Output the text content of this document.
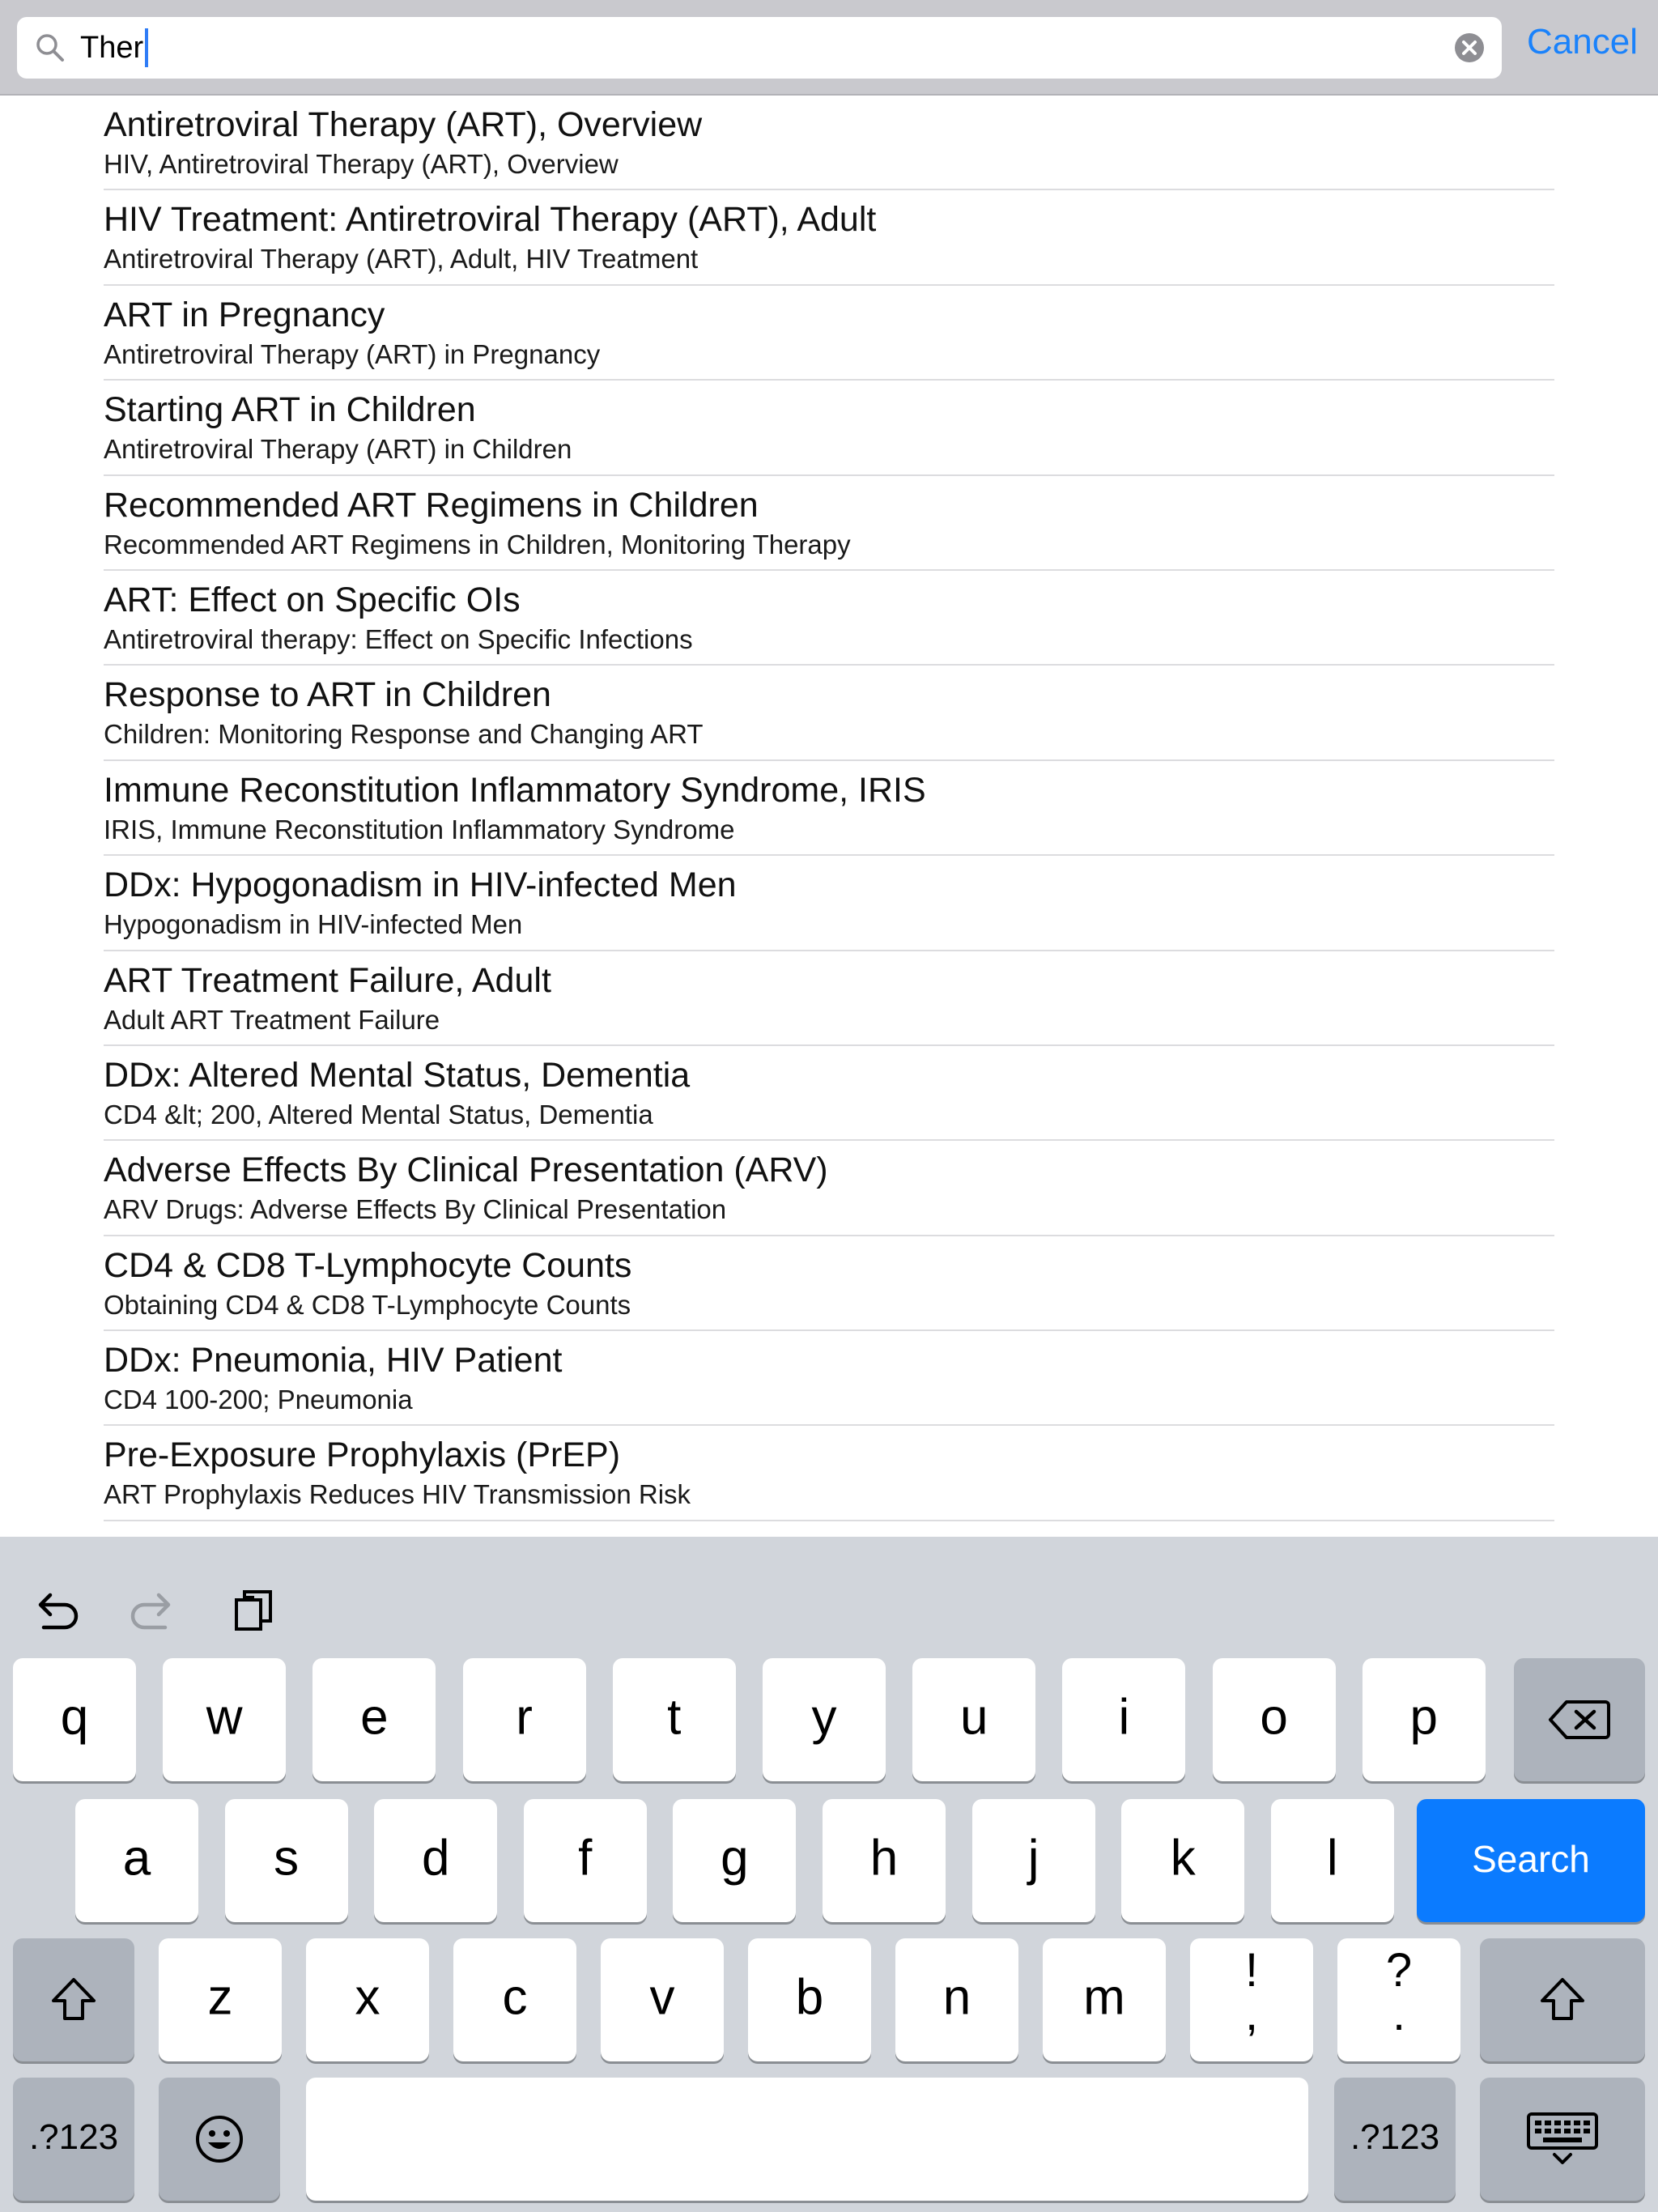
Ther	Cancel
Antiretroviral Therapy (ART), Overview
HIV, Antiretroviral Therapy (ART), Overview
HIV Treatment: Antiretroviral Therapy (ART), Adult
Antiretroviral Therapy (ART), Adult, HIV Treatment
ART in Pregnancy
Antiretroviral Therapy (ART) in Pregnancy
Starting ART in Children
Antiretroviral Therapy (ART) in Children
Recommended ART Regimens in Children
Recommended ART Regimens in Children, Monitoring Therapy
ART: Effect on Specific OIs
Antiretroviral therapy: Effect on Specific Infections
Response to ART in Children
Children: Monitoring Response and Changing ART
Immune Reconstitution Inflammatory Syndrome, IRIS
IRIS, Immune Reconstitution Inflammatory Syndrome
DDx: Hypogonadism in HIV-infected Men
Hypogonadism in HIV-infected Men
ART Treatment Failure, Adult
Adult ART Treatment Failure
DDx: Altered Mental Status, Dementia
CD4 &lt; 200, Altered Mental Status, Dementia
Adverse Effects By Clinical Presentation (ARV)
ARV Drugs: Adverse Effects By Clinical Presentation
CD4 & CD8 T-Lymphocyte Counts
Obtaining CD4 & CD8 T-Lymphocyte Counts
DDx: Pneumonia, HIV Patient
CD4 100-200; Pneumonia
Pre-Exposure Prophylaxis (PrEP)
ART Prophylaxis Reduces HIV Transmission Risk
q	w	e	r	t	y	u	i	o	p
a	s	d	f	g	h	j	k	l	Search
z	x	c	v	b	n	m	!
,
?
.
.?123	.?123
